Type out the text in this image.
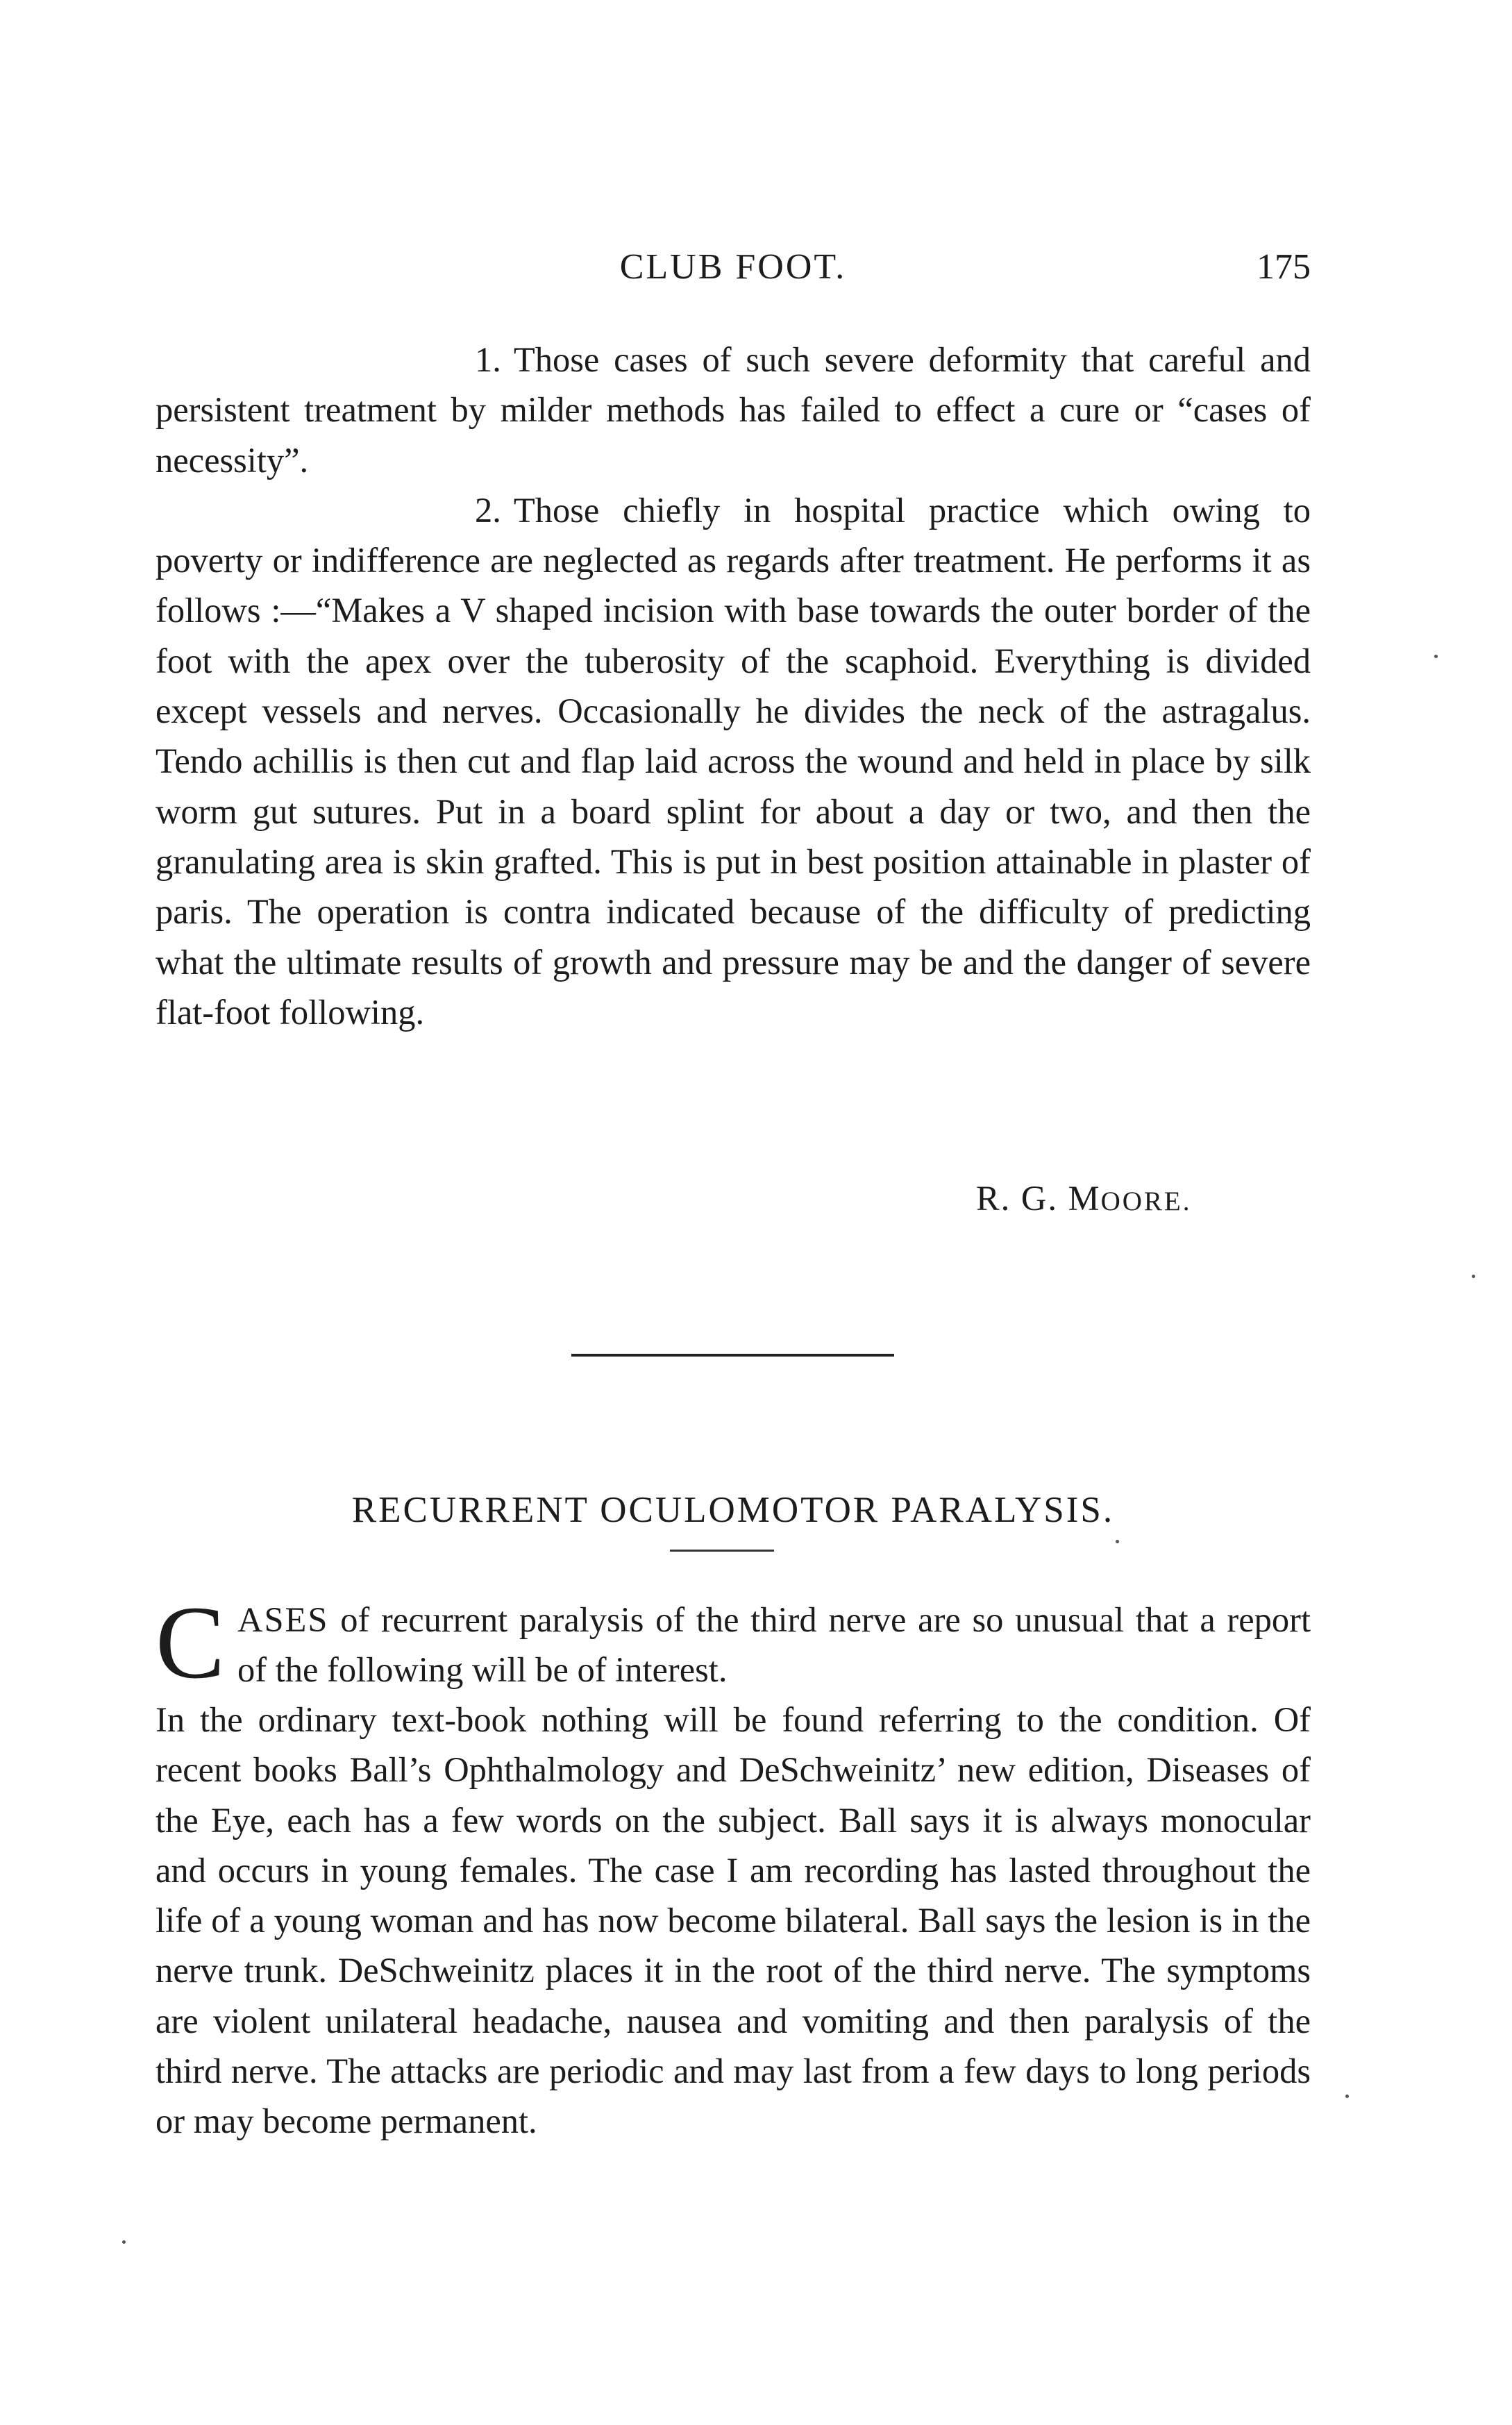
CLUB FOOT.	175

1. Those cases of such severe deformity that careful and persistent treatment by milder methods has failed to effect a cure or “cases of necessity”.

2. Those chiefly in hospital practice which owing to poverty or indifference are neglected as regards after treatment. He performs it as follows :—“Makes a V shaped incision with base towards the outer border of the foot with the apex over the tuberosity of the scaphoid. Everything is divided except vessels and nerves. Occasionally he divides the neck of the astragalus. Tendo achillis is then cut and flap laid across the wound and held in place by silk worm gut sutures. Put in a board splint for about a day or two, and then the granulating area is skin grafted. This is put in best position attainable in plaster of paris. The operation is contra indicated because of the difficulty of predicting what the ultimate results of growth and pressure may be and the danger of severe flat-foot following.

R. G. MOORE.
RECURRENT OCULOMOTOR PARALYSIS.
C ASES of recurrent paralysis of the third nerve are so unusual that a report of the following will be of interest.

In the ordinary text-book nothing will be found referring to the condition. Of recent books Ball’s Ophthalmology and DeSchweinitz’ new edition, Diseases of the Eye, each has a few words on the subject. Ball says it is always monocular and occurs in young females. The case I am recording has lasted throughout the life of a young woman and has now become bilateral. Ball says the lesion is in the nerve trunk. DeSchweinitz places it in the root of the third nerve. The symptoms are violent unilateral headache, nausea and vomiting and then paralysis of the third nerve. The attacks are periodic and may last from a few days to long periods or may become permanent.
